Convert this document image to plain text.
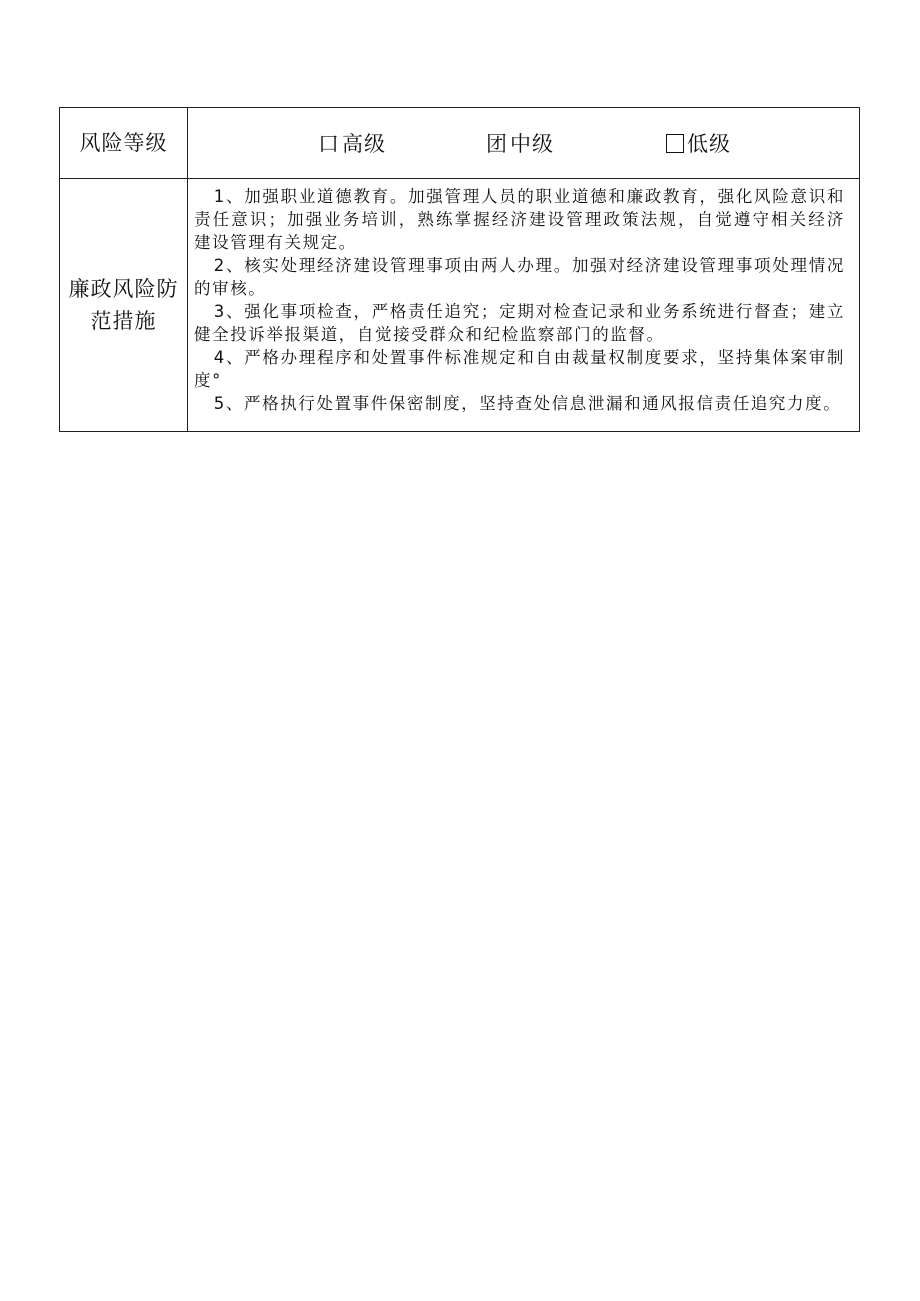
风险等级	口 高级 团 中级 低级

廉政风险防范措施	1、加强职业道德教育。加强管理人员的职业道德和廉政教育，强化风险意识和责任意识；加强业务培训，熟练掌握经济建设管理政策法规，自觉遵守相关经济建设管理有关规定。

2、核实处理经济建设管理事项由两人办理。加强对经济建设管理事项处理情况的审核。

3、强化事项检查，严格责任追究；定期对检查记录和业务系统进行督查；建立健全投诉举报渠道，自觉接受群众和纪检监察部门的监督。

4、严格办理程序和处置事件标准规定和自由裁量权制度要求，坚持集体案审制度°

5、严格执行处置事件保密制度，坚持查处信息泄漏和通风报信责任追究力度。
